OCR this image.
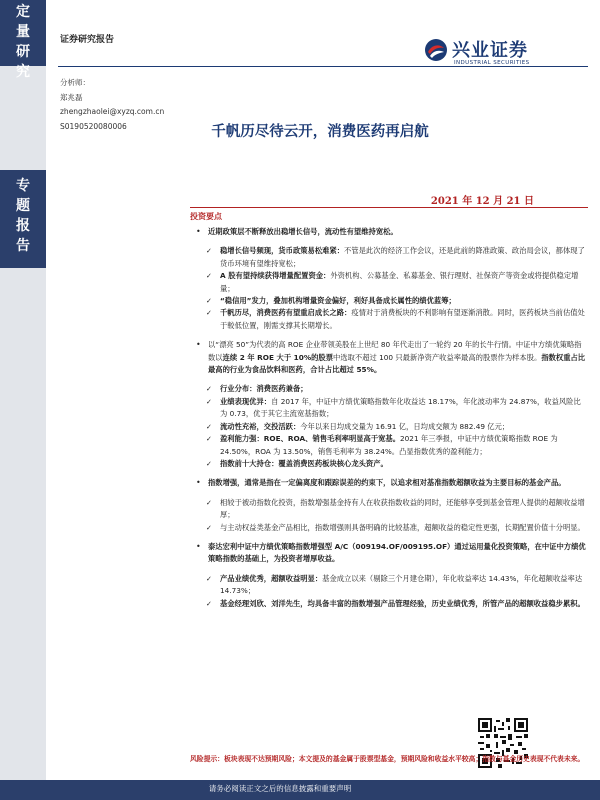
定
量
研
究
专
题
报
告
证券研究报告	兴业证券
INDUSTRIAL SECURITIES
分析师：
郑兆磊
zhengzhaolei@xyzq.com.cn
S0190520080006	千帆历尽待云开，消费医药再启航
2021 年 12 月 21 日
投资要点
• 近期政策层不断释放出稳增长信号，流动性有望维持宽松。
✓ 稳增长信号频现，货币政策易松难紧：不管是此次的经济工作会议，还是此前的降准政策、政治局会议，都体现了货币环境有望维持宽松；
✓ A 股有望持续获得增量配置资金：外资机构、公募基金、私募基金、银行理财、社保资产等资金或将提供稳定增量；
✓ “稳信用”发力，叠加机构增量资金偏好，利好具备成长属性的绩优蓝筹；
✓ 千帆历尽，消费医药有望重启成长之路：疫情对于消费板块的不利影响有望逐渐消散。同时，医药板块当前估值处于較低位置，刚需支撑其长期增长。
• 以“漂亮 50”为代表的高 ROE 企业带领美股在上世纪 80 年代走出了一轮约 20 年的长牛行情。中证中方绩优策略指数以连续 2 年 ROE 大于 10%的股票中选取不超过 100 只最新净资产收益率最高的股票作为样本股。指数权重占比最高的行业为食品饮料和医药，合计占比超过 55%。
✓ 行业分布：消费医药兼备；
✓ 业绩表现优异：自 2017 年，中证中方绩优策略指数年化收益达 18.17%，年化波动率为 24.87%，收益风险比为 0.73，优于其它主流宽基指数；
✓ 流动性充裕，交投活跃：今年以来日均成交量为 16.91 亿，日均成交额为 882.49 亿元；
✓ 盈利能力强：ROE、ROA、销售毛利率明显高于宽基。2021 年三季报，中证中方绩优策略指数 ROE 为 24.50%，ROA 为 13.50%，销售毛利率为 38.24%。凸显指数优秀的盈利能力；
✓ 指数前十大持仓：覆盖消费医药板块核心龙头资产。
• 指数增强，通常是指在一定偏离度和跟踪误差的约束下，以追求相对基准指数超额收益为主要目标的基金产品。
✓ 相较于被动指数化投资，指数增强基金持有人在收获指数收益的同时，还能够享受到基金管理人提供的超额收益增厚；
✓ 与主动权益类基金产品相比，指数增强则具备明确的比较基准，超额收益的稳定性更强，长期配置价值十分明显。
• 泰达宏利中证中方绩优策略指数增强型 A/C（009194.OF/009195.OF）通过运用量化投资策略，在中证中方绩优策略指数的基础上，为投资者增厚收益。
✓ 产品业绩优秀，超额收益明显：基金成立以来（剔除三个月建仓期），年化收益率达 14.43%，年化超额收益率达 14.73%；
✓ 基金经理刘欣、刘洋先生，均具备丰富的指数增强产品管理经验，历史业绩优秀，所管产品的超额收益稳步累积。
风险提示：板块表现不达预期风险；本文提及的基金属于股票型基金，预期风险和收益水平较高；指数与基金历史表现不代表未来。
请务必阅读正文之后的信息披露和重要声明
